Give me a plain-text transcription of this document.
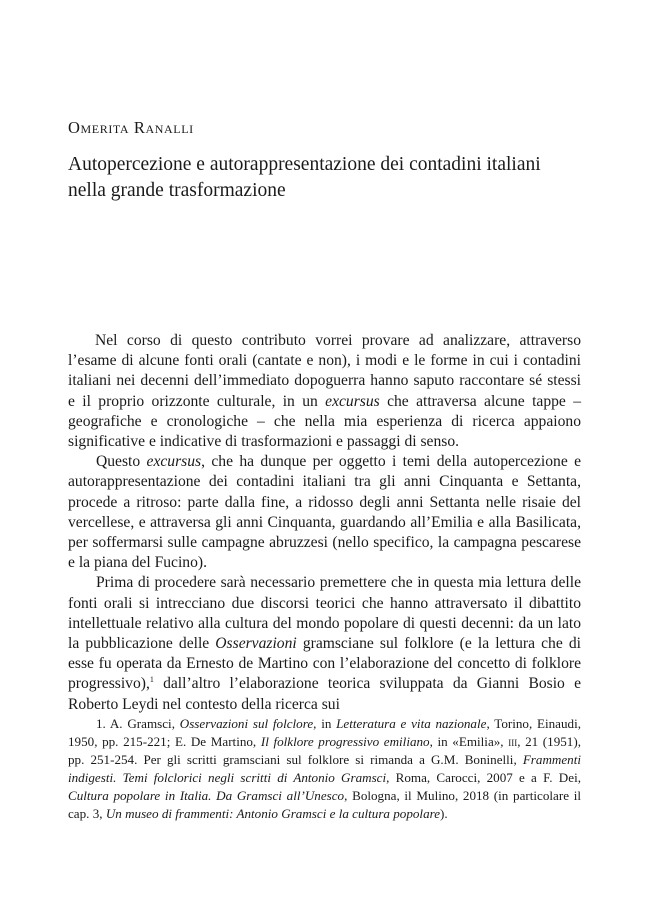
Omerita Ranalli
Autopercezione e autorappresentazione dei contadini italiani
nella grande trasformazione

Nel corso di questo contributo vorrei provare ad analizzare, attraverso l’esame di alcune fonti orali (cantate e non), i modi e le forme in cui i contadini italiani nei decenni dell’immediato dopoguerra hanno saputo raccontare sé stessi e il proprio orizzonte culturale, in un excursus che attraversa alcune tappe – geografiche e cronologiche – che nella mia esperienza di ricerca appaiono significative e indicative di trasformazioni e passaggi di senso.

Questo excursus, che ha dunque per oggetto i temi della autopercezione e autorappresentazione dei contadini italiani tra gli anni Cinquanta e Settanta, procede a ritroso: parte dalla fine, a ridosso degli anni Settanta nelle risaie del vercellese, e attraversa gli anni Cinquanta, guardando all’Emilia e alla Basilicata, per soffermarsi sulle campagne abruzzesi (nello specifico, la campagna pescarese e la piana del Fucino).

Prima di procedere sarà necessario premettere che in questa mia lettura delle fonti orali si intrecciano due discorsi teorici che hanno attraversato il dibattito intellettuale relativo alla cultura del mondo popolare di questi decenni: da un lato la pubblicazione delle Osservazioni gramsciane sul folklore (e la lettura che di esse fu operata da Ernesto de Martino con l’elaborazione del concetto di folklore progressivo),$^1$ dall’altro l’elaborazione teorica sviluppata da Gianni Bosio e Roberto Leydi nel contesto della ricerca sui

1. A. Gramsci, Osservazioni sul folclore, in Letteratura e vita nazionale, Torino, Einaudi, 1950, pp. 215-221; E. De Martino, Il folklore progressivo emiliano, in «Emilia», iii, 21 (1951), pp. 251-254. Per gli scritti gramsciani sul folklore si rimanda a G.M. Boninelli, Frammenti indigesti. Temi folclorici negli scritti di Antonio Gramsci, Roma, Carocci, 2007 e a F. Dei, Cultura popolare in Italia. Da Gramsci all’Unesco, Bologna, il Mulino, 2018 (in particolare il cap. 3, Un museo di frammenti: Antonio Gramsci e la cultura popolare).
